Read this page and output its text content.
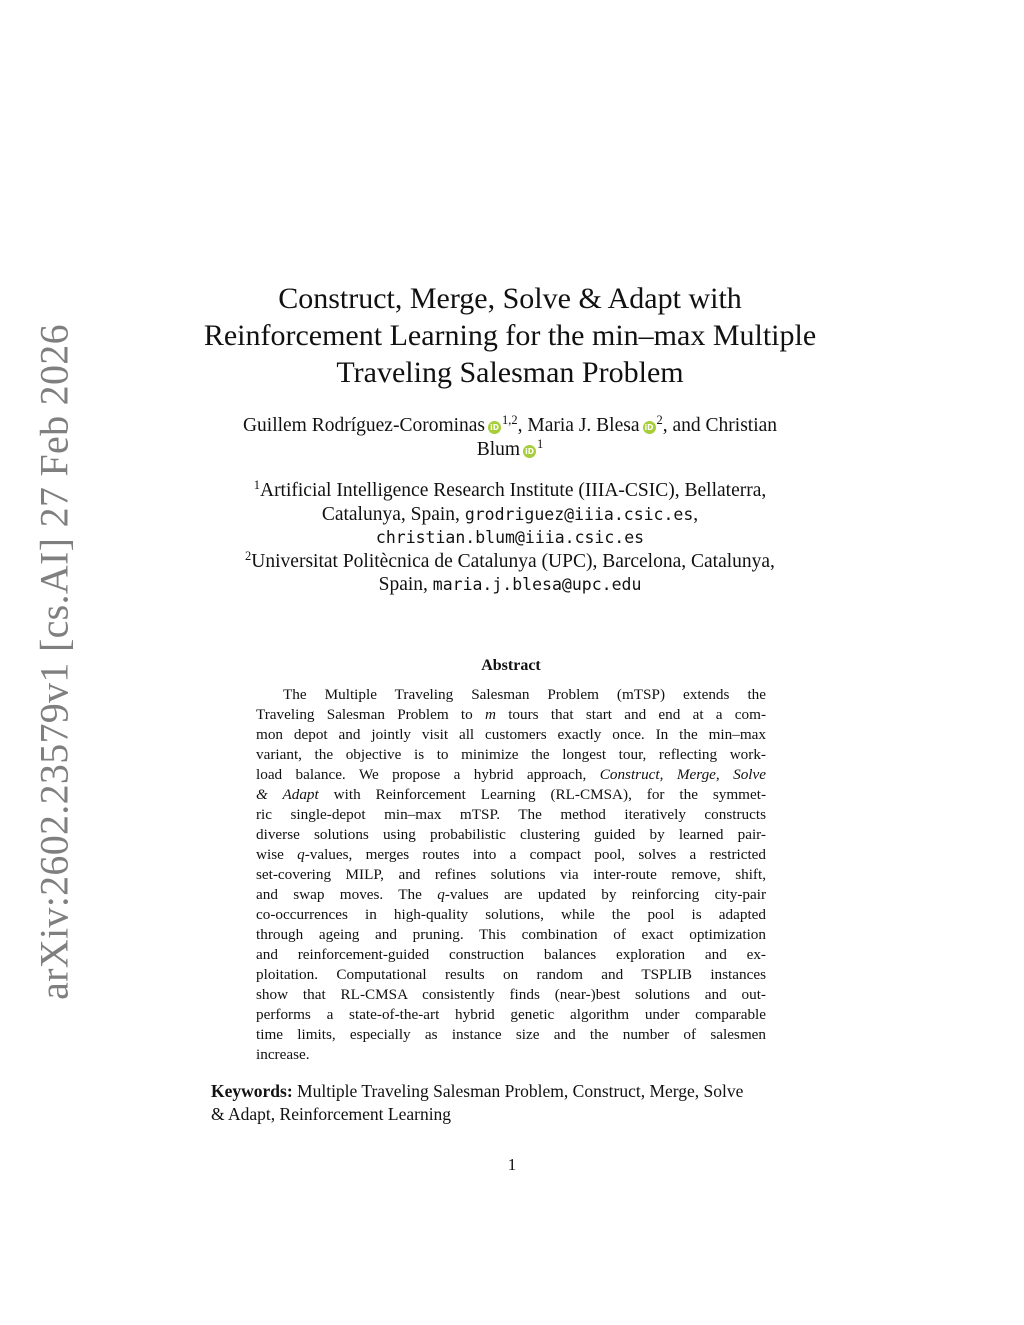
arXiv:2602.23579v1 [cs.AI] 27 Feb 2026
Construct, Merge, Solve & Adapt with
Reinforcement Learning for the min–max Multiple
Traveling Salesman Problem
Guillem Rodríguez-Corominas iD$^{1,2}$, Maria J. Blesa $iD^2$, and Christian
Blum $iD^1$
$^1$Artificial Intelligence Research Institute (IIIA-CSIC), Bellaterra,
Catalunya, Spain, grodriguez@iiia.csic.es,
christian.blum@iiia.csic.es
$^2$Universitat Politècnica de Catalunya (UPC), Barcelona, Catalunya,
Spain, maria.j.blesa@upc.edu
Abstract
The Multiple Traveling Salesman Problem (mTSP) extends the
Traveling Salesman Problem to m tours that start and end at a com-
mon depot and jointly visit all customers exactly once. In the min–max
variant, the objective is to minimize the longest tour, reflecting work-
load balance. We propose a hybrid approach, Construct, Merge, Solve
& Adapt with Reinforcement Learning (RL-CMSA), for the symmet-
ric single-depot min–max mTSP. The method iteratively constructs
diverse solutions using probabilistic clustering guided by learned pair-
wise q-values, merges routes into a compact pool, solves a restricted
set-covering MILP, and refines solutions via inter-route remove, shift,
and swap moves. The q-values are updated by reinforcing city-pair
co-occurrences in high-quality solutions, while the pool is adapted
through ageing and pruning. This combination of exact optimization
and reinforcement-guided construction balances exploration and ex-
ploitation. Computational results on random and TSPLIB instances
show that RL-CMSA consistently finds (near-)best solutions and out-
performs a state-of-the-art hybrid genetic algorithm under comparable
time limits, especially as instance size and the number of salesmen
increase.
Keywords: Multiple Traveling Salesman Problem, Construct, Merge, Solve
& Adapt, Reinforcement Learning
1
